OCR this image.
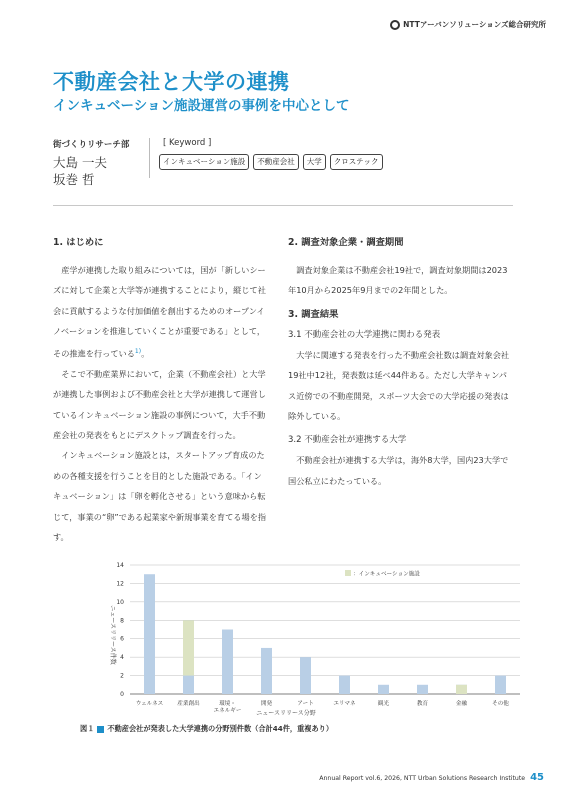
NTTアーバンソリューションズ総合研究所
不動産会社と大学の連携
インキュベーション施設運営の事例を中心として
街づくりリサーチ部
大島 一夫
坂巻 哲
[ Keyword ]
インキュベーション施設	不動産会社	大学	クロステック
1. はじめに

産学が連携した取り組みについては，国が「新しいシーズに対して企業と大学等が連携することにより，縦じて社会に貢献するような付加価値を創出するためのオープンイノベーションを推進していくことが重要である」として，その推進を行っている$^{1)}$。

そこで不動産業界において，企業（不動産会社）と大学が連携した事例および不動産会社と大学が連携して運営しているインキュベーション施設の事例について，大手不動産会社の発表をもとにデスクトップ調査を行った。

インキュベーション施設とは，スタートアップ育成のための各種支援を行うことを目的とした施設である。「インキュベーション」は「卵を孵化させる」という意味から転じて，事業の“卵”である起業家や新規事業を育てる場を指す。

2. 調査対象企業・調査期間

調査対象企業は不動産会社19社で，調査対象期間は2023年10月から2025年9月までの2年間とした。

3. 調査結果
3.1 不動産会社の大学連携に関わる発表

大学に関連する発表を行った不動産会社数は調査対象会社19社中12社，発表数は延べ44件ある。ただし大学キャンパス近傍での不動産開発，スポーツ大会での大学応援の発表は除外している。

3.2 不動産会社が連携する大学

不動産会社が連携する大学は，海外8大学，国内23大学で国公私立にわたっている。

0
2
4
6
8
10
12
14
ウェルネス	産業創出	環境・
エネルギー
開発	アート	エリマネ	観光	教育	金融	その他
：インキュベーション施設
ニュースリリース件数
ニュースリリース分野
図１ 不動産会社が発表した大学連携の分野別件数（合計44件，重複あり）
Annual Report vol.6, 2026, NTT Urban Solutions Research Institute 45
